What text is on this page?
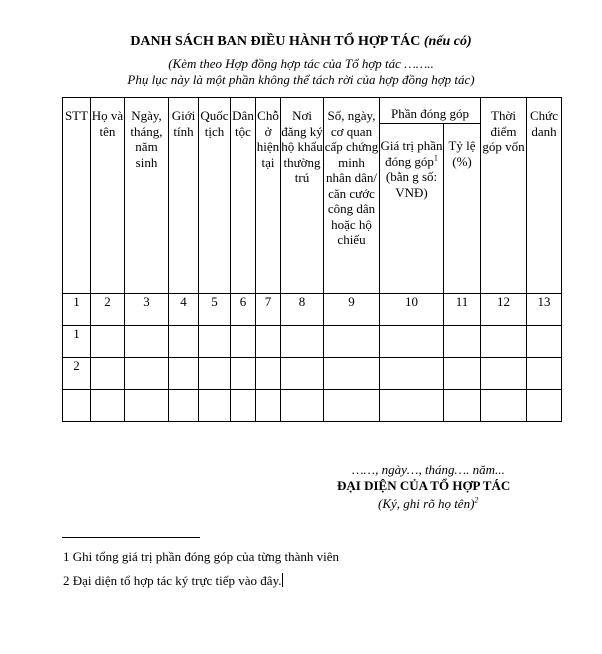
DANH SÁCH BAN ĐIỀU HÀNH TỔ HỢP TÁC (nếu có)
(Kèm theo Hợp đồng hợp tác của Tổ hợp tác ……..
Phụ lục này là một phần không thể tách rời của hợp đồng hợp tác)
STT	Họ và tên	Ngày, tháng, năm sinh	Giới tính	Quốc tịch	Dân tộc	Chỗ ở hiện tại	Nơi đăng ký hộ khẩu thường trú	Số, ngày, cơ quan cấp chứng minh nhân dân/ căn cước công dân hoặc hộ chiếu	Phần đóng góp		Thời điểm góp vốn	Chức danh
									Giá trị phần đóng góp$^1$ (bằn g số: VNĐ)	Tỷ lệ (%)		
1	2	3	4	5	6	7	8	9	10	11	12	13
1												
2												

……, ngày…, tháng…. năm...
ĐẠI DIỆN CỦA TỔ HỢP TÁC
(Ký, ghi rõ họ tên)$^2$
1 Ghi tổng giá trị phần đóng góp của từng thành viên
2 Đại diện tổ hợp tác ký trực tiếp vào đây.
